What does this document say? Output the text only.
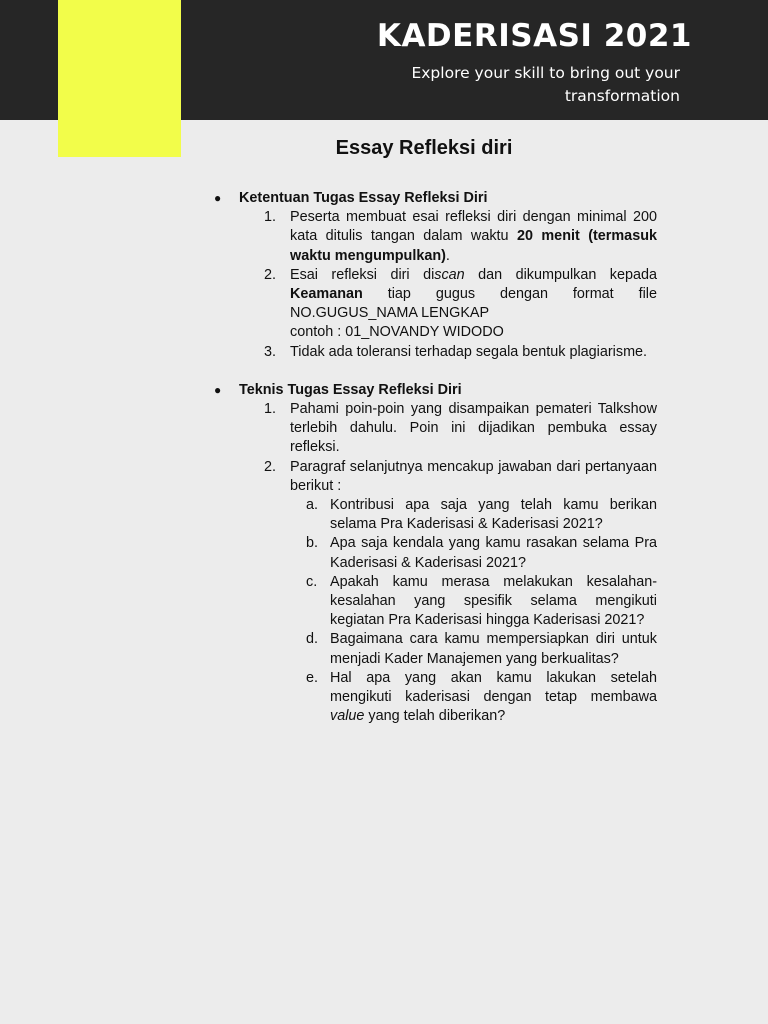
KADERISASI 2021
Explore your skill to bring out your transformation
Essay Refleksi diri
●	Ketentuan Tugas Essay Refleksi Diri
1. Peserta membuat esai refleksi diri dengan minimal 200 kata ditulis tangan dalam waktu 20 menit (termasuk waktu mengumpulkan).
2. Esai refleksi diri discan dan dikumpulkan kepada Keamanan tiap gugus dengan format file NO.GUGUS_NAMA LENGKAP
contoh : 01_NOVANDY WIDODO
3. Tidak ada toleransi terhadap segala bentuk plagiarisme.
●	Teknis Tugas Essay Refleksi Diri
1. Pahami poin-poin yang disampaikan pemateri Talkshow terlebih dahulu. Poin ini dijadikan pembuka essay refleksi.
2. Paragraf selanjutnya mencakup jawaban dari pertanyaan berikut :
a. Kontribusi apa saja yang telah kamu berikan selama Pra Kaderisasi & Kaderisasi 2021?
b. Apa saja kendala yang kamu rasakan selama Pra Kaderisasi & Kaderisasi 2021?
c. Apakah kamu merasa melakukan kesalahan-kesalahan yang spesifik selama mengikuti kegiatan Pra Kaderisasi hingga Kaderisasi 2021?
d. Bagaimana cara kamu mempersiapkan diri untuk menjadi Kader Manajemen yang berkualitas?
e. Hal apa yang akan kamu lakukan setelah mengikuti kaderisasi dengan tetap membawa value yang telah diberikan?
